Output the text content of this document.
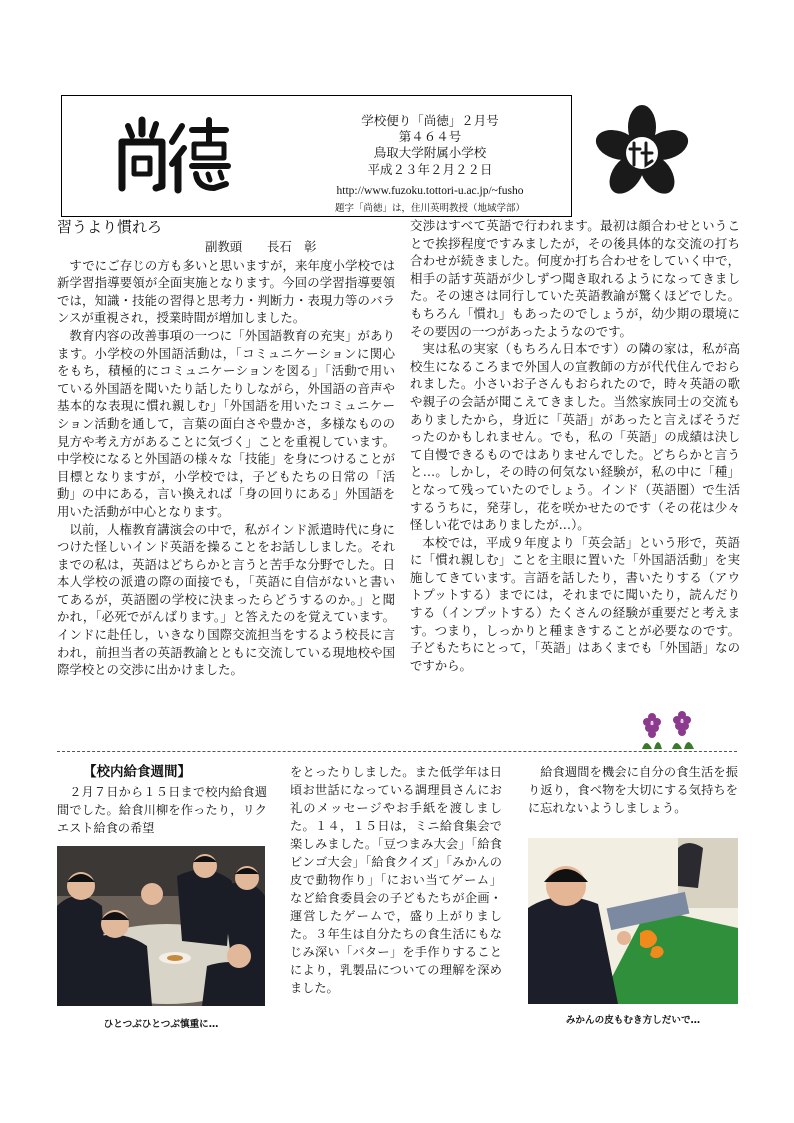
学校便り「尚徳」２月号
第４６４号
鳥取大学附属小学校
平成２３年２月２２日
http://www.fuzoku.tottori-u.ac.jp/~fusho
題字「尚徳」は，住川英明教授（地域学部）
習うより慣れろ
副教頭　　長石　彰

すでにご存じの方も多いと思いますが，来年度小学校では新学習指導要領が全面実施となります。今回の学習指導要領では，知識・技能の習得と思考力・判断力・表現力等のバランスが重視され，授業時間が増加しました。

教育内容の改善事項の一つに「外国語教育の充実」があります。小学校の外国語活動は，「コミュニケーションに関心をもち，積極的にコミュニケーションを図る」「活動で用いている外国語を聞いたり話したりしながら，外国語の音声や基本的な表現に慣れ親しむ」「外国語を用いたコミュニケーション活動を通して，言葉の面白さや豊かさ，多様なものの見方や考え方があることに気づく」ことを重視しています。中学校になると外国語の様々な「技能」を身につけることが目標となりますが，小学校では，子どもたちの日常の「活動」の中にある，言い換えれば「身の回りにある」外国語を用いた活動が中心となります。

以前，人権教育講演会の中で，私がインド派遣時代に身につけた怪しいインド英語を操ることをお話ししました。それまでの私は，英語はどちらかと言うと苦手な分野でした。日本人学校の派遣の際の面接でも，「英語に自信がないと書いてあるが，英語圏の学校に決まったらどうするのか。」と聞かれ，「必死でがんばります。」と答えたのを覚えています。インドに赴任し，いきなり国際交流担当をするよう校長に言われ，前担当者の英語教諭とともに交流している現地校や国際学校との交渉に出かけました。

交渉はすべて英語で行われます。最初は顔合わせということで挨拶程度ですみましたが，その後具体的な交流の打ち合わせが続きました。何度か打ち合わせをしていく中で，相手の話す英語が少しずつ聞き取れるようになってきました。その速さは同行していた英語教諭が驚くほどでした。もちろん「慣れ」もあったのでしょうが，幼少期の環境にその要因の一つがあったようなのです。

実は私の実家（もちろん日本です）の隣の家は，私が高校生になるころまで外国人の宣教師の方が代代住んでおられました。小さいお子さんもおられたので，時々英語の歌や親子の会話が聞こえてきました。当然家族同士の交流もありましたから，身近に「英語」があったと言えばそうだったのかもしれません。でも，私の「英語」の成績は決して自慢できるものではありませんでした。どちらかと言うと…。しかし，その時の何気ない経験が，私の中に「種」となって残っていたのでしょう。インド（英語圏）で生活するうちに，発芽し，花を咲かせたのです（その花は少々怪しい花ではありましたが…）。

本校では，平成９年度より「英会話」という形で，英語に「慣れ親しむ」ことを主眼に置いた「外国語活動」を実施してきています。言語を話したり，書いたりする（アウトプットする）までには，それまでに聞いたり，読んだりする（インプットする）たくさんの経験が重要だと考えます。つまり，しっかりと種まきすることが必要なのです。子どもたちにとって，「英語」はあくまでも「外国語」なのですから。

【校内給食週間】

２月７日から１５日まで校内給食週間でした。給食川柳を作ったり，リクエスト給食の希望

をとったりしました。また低学年は日頃お世話になっている調理員さんにお礼のメッセージやお手紙を渡しました。１４，１５日は，ミニ給食集会で楽しみました。「豆つまみ大会」「給食ビンゴ大会」「給食クイズ」「みかんの皮で動物作り」「におい当てゲーム」など給食委員会の子どもたちが企画・運営したゲームで，盛り上がりました。３年生は自分たちの食生活にもなじみ深い「バター」を手作りすることにより，乳製品についての理解を深めました。

給食週間を機会に自分の食生活を振り返り，食べ物を大切にする気持ちをに忘れないようしましょう。

ひとつぶひとつぶ慎重に…	みかんの皮もむき方しだいで…
